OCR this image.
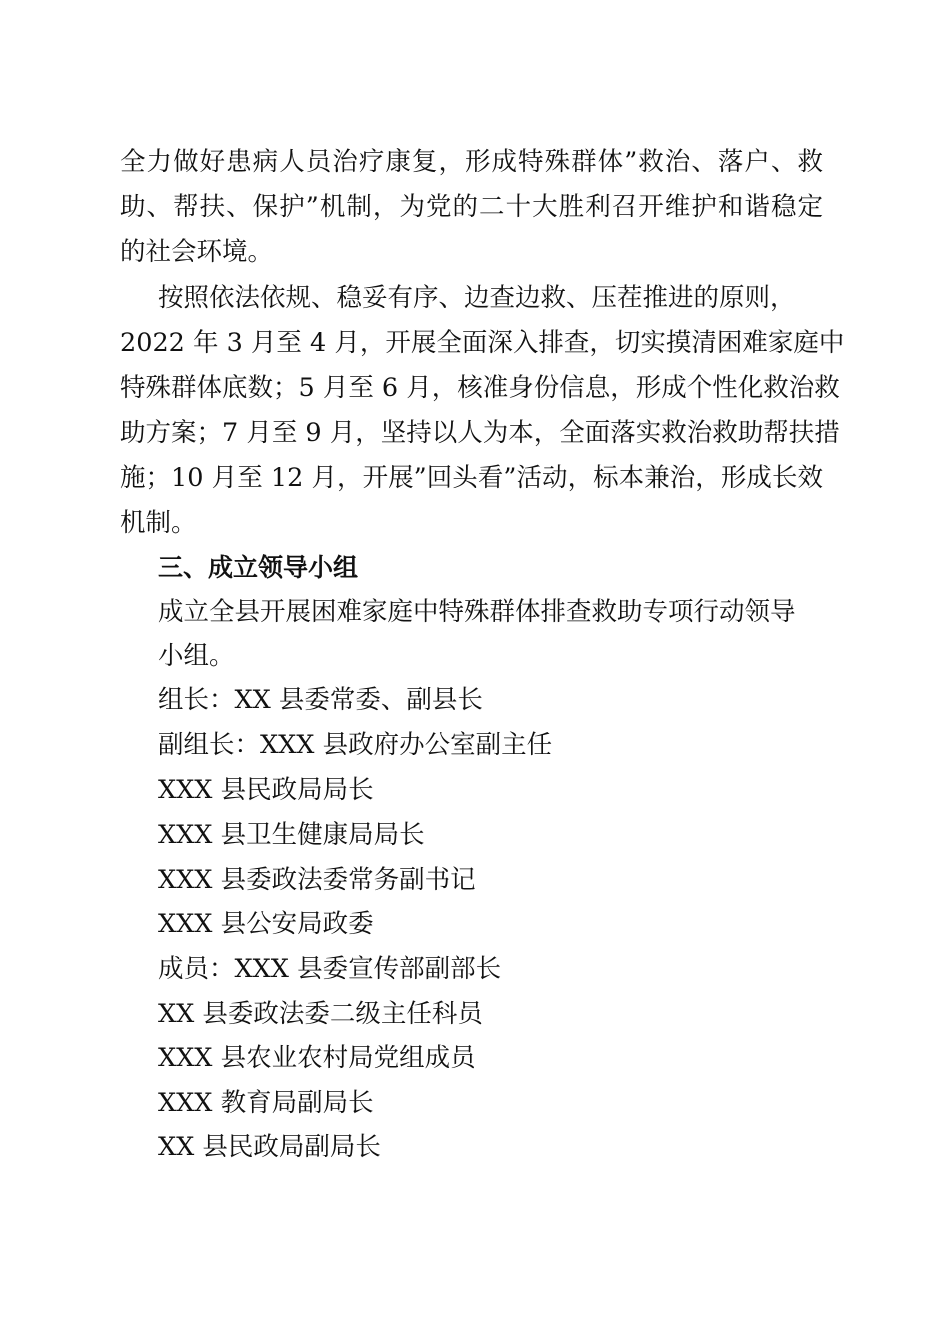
全力做好患病人员治疗康复，形成特殊群体”救治、落户、救
助、帮扶、保护”机制，为党的二十大胜利召开维护和谐稳定
的社会环境。
按照依法依规、稳妥有序、边查边救、压茬推进的原则，
2022 年 3 月至 4 月，开展全面深入排查，切实摸清困难家庭中
特殊群体底数；5 月至 6 月，核准身份信息，形成个性化救治救
助方案；7 月至 9 月，坚持以人为本，全面落实救治救助帮扶措
施；10 月至 12 月，开展”回头看”活动，标本兼治，形成长效
机制。
三、成立领导小组
成立全县开展困难家庭中特殊群体排查救助专项行动领导
小组。
组长：XX 县委常委、副县长
副组长：XXX 县政府办公室副主任
XXX 县民政局局长
XXX 县卫生健康局局长
XXX 县委政法委常务副书记
XXX 县公安局政委
成员：XXX 县委宣传部副部长
XX 县委政法委二级主任科员
XXX 县农业农村局党组成员
XXX 教育局副局长
XX 县民政局副局长
